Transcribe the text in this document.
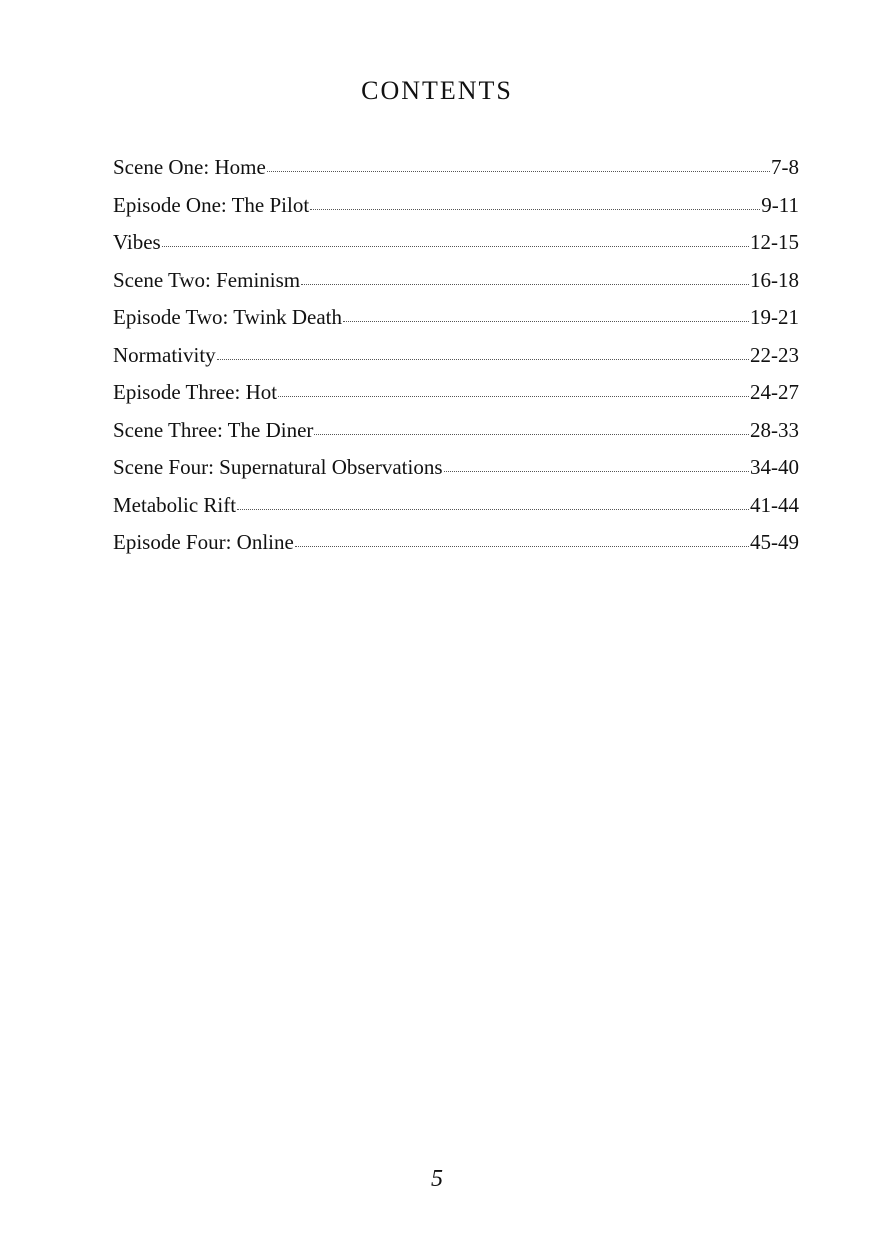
CONTENTS
Scene One: Home	7-8
Episode One: The Pilot	9-11
Vibes	12-15
Scene Two: Feminism	16-18
Episode Two: Twink Death	19-21
Normativity	22-23
Episode Three: Hot	24-27
Scene Three: The Diner	28-33
Scene Four: Supernatural Observations	34-40
Metabolic Rift	41-44
Episode Four: Online	45-49
5
